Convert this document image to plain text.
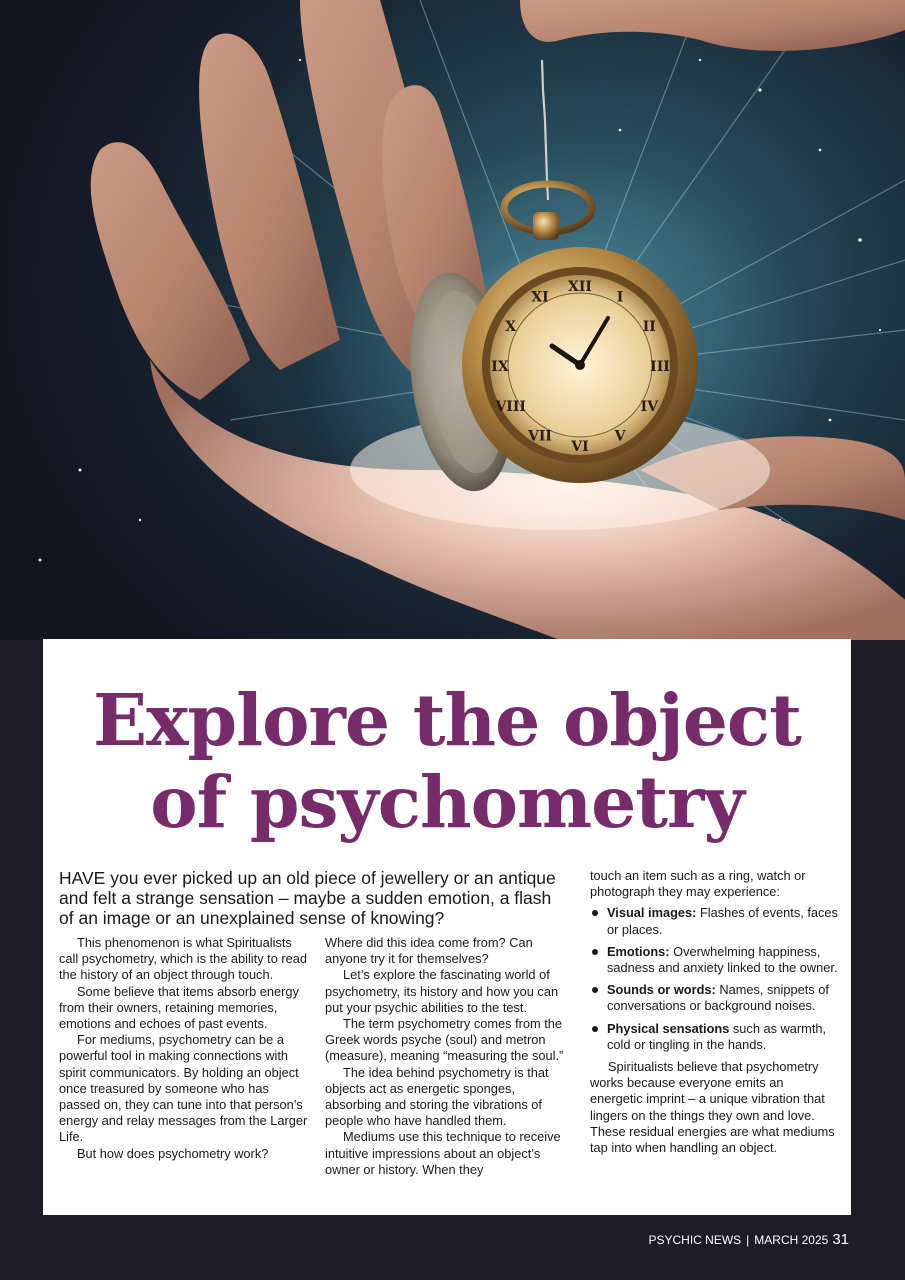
XII
I
II
III
IV
V
VI
VII
VIII
IX
X
XI
Explore the object
of psychometry

HAVE you ever picked up an old piece of jewellery or an antique and felt a strange sensation – maybe a sudden emotion, a flash of an image or an unexplained sense of knowing?

This phenomenon is what Spiritualists call psychometry, which is the ability to read the history of an object through touch.

Some believe that items absorb energy from their owners, retaining memories, emotions and echoes of past events.

For mediums, psychometry can be a powerful tool in making connections with spirit communicators. By holding an object once treasured by someone who has passed on, they can tune into that person’s energy and relay messages from the Larger Life.

But how does psychometry work?

Where did this idea come from? Can anyone try it for themselves?

Let’s explore the fascinating world of psychometry, its history and how you can put your psychic abilities to the test.

The term psychometry comes from the Greek words psyche (soul) and metron (measure), meaning “measuring the soul.”

The idea behind psychometry is that objects act as energetic sponges, absorbing and storing the vibrations of people who have handled them.

Mediums use this technique to receive intuitive impressions about an object’s owner or history. When they

touch an item such as a ring, watch or photograph they may experience:

Visual images: Flashes of events, faces or places.
Emotions: Overwhelming happiness, sadness and anxiety linked to the owner.
Sounds or words: Names, snippets of conversations or background noises.
Physical sensations such as warmth, cold or tingling in the hands.

Spiritualists believe that psychometry works because everyone emits an energetic imprint – a unique vibration that lingers on the things they own and love. These residual energies are what mediums tap into when handling an object.

PSYCHIC NEWS | MARCH 2025 31
